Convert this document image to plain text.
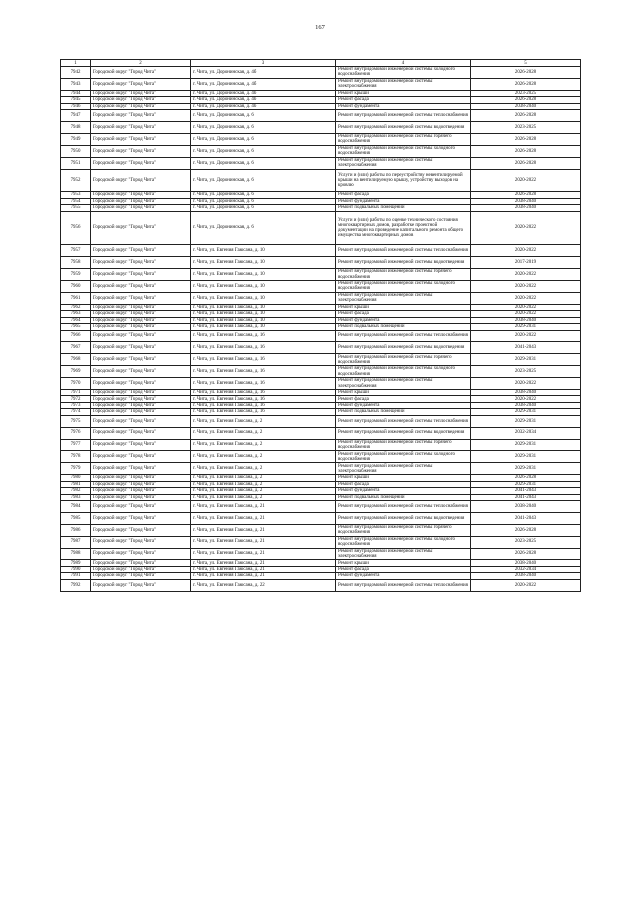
167
1	2	3	4	5
7942	Городской округ "Город Чита"	г. Чита, ул. Доронинская, д. 4б	Ремонт внутридомовой инженерной системы холодного водоснабжения	2026-2028
7943	Городской округ "Город Чита"	г. Чита, ул. Доронинская, д. 4б	Ремонт внутридомовой инженерной системы электроснабжения	2026-2028
7944	Городской округ "Город Чита"	г. Чита, ул. Доронинская, д. 4б	Ремонт крыши	2023-2025
7945	Городской округ "Город Чита"	г. Чита, ул. Доронинская, д. 4б	Ремонт фасада	2026-2028
7946	Городской округ "Город Чита"	г. Чита, ул. Доронинская, д. 4б	Ремонт фундамента	2038-2040
7947	Городской округ "Город Чита"	г. Чита, ул. Доронинская, д. 6	Ремонт внутридомовой инженерной системы теплоснабжения	2026-2028
7948	Городской округ "Город Чита"	г. Чита, ул. Доронинская, д. 6	Ремонт внутридомовой инженерной системы водоотведения	2023-2025
7949	Городской округ "Город Чита"	г. Чита, ул. Доронинская, д. 6	Ремонт внутридомовой инженерной системы горячего водоснабжения	2026-2028
7950	Городской округ "Город Чита"	г. Чита, ул. Доронинская, д. 6	Ремонт внутридомовой инженерной системы холодного водоснабжения	2026-2028
7951	Городской округ "Город Чита"	г. Чита, ул. Доронинская, д. 6	Ремонт внутридомовой инженерной системы электроснабжения	2026-2028
7952	Городской округ "Город Чита"	г. Чита, ул. Доронинская, д. 6	Услуги и (или) работы по переустройству невентилируемой крыши на вентилируемую крышу, устройству выходов на кровлю	2020-2022
7953	Городской округ "Город Чита"	г. Чита, ул. Доронинская, д. 6	Ремонт фасада	2026-2028
7954	Городской округ "Город Чита"	г. Чита, ул. Доронинская, д. 6	Ремонт фундамента	2038-2040
7955	Городской округ "Город Чита"	г. Чита, ул. Доронинская, д. 6	Ремонт подвальных помещений	2038-2040
7956	Городской округ "Город Чита"	г. Чита, ул. Доронинская, д. 6	Услуги и (или) работы по оценке технического состояния многоквартирных домов, разработке проектной документации на проведение капитального ремонта общего имущества многоквартирных домов	2020-2022
7957	Городской округ "Город Чита"	г. Чита, ул. Евгения Гаюсана, д. 10	Ремонт внутридомовой инженерной системы теплоснабжения	2020-2022
7958	Городской округ "Город Чита"	г. Чита, ул. Евгения Гаюсана, д. 10	Ремонт внутридомовой инженерной системы водоотведения	2017-2019
7959	Городской округ "Город Чита"	г. Чита, ул. Евгения Гаюсана, д. 10	Ремонт внутридомовой инженерной системы горячего водоснабжения	2020-2022
7960	Городской округ "Город Чита"	г. Чита, ул. Евгения Гаюсана, д. 10	Ремонт внутридомовой инженерной системы холодного водоснабжения	2020-2022
7961	Городской округ "Город Чита"	г. Чита, ул. Евгения Гаюсана, д. 10	Ремонт внутридомовой инженерной системы электроснабжения	2020-2022
7962	Городской округ "Город Чита"	г. Чита, ул. Евгения Гаюсана, д. 10	Ремонт крыши	2020-2022
7963	Городской округ "Город Чита"	г. Чита, ул. Евгения Гаюсана, д. 10	Ремонт фасада	2020-2022
7964	Городской округ "Город Чита"	г. Чита, ул. Евгения Гаюсана, д. 10	Ремонт фундамента	2038-2040
7965	Городской округ "Город Чита"	г. Чита, ул. Евгения Гаюсана, д. 10	Ремонт подвальных помещений	2029-2031
7966	Городской округ "Город Чита"	г. Чита, ул. Евгения Гаюсана, д. 16	Ремонт внутридомовой инженерной системы теплоснабжения	2020-2022
7967	Городской округ "Город Чита"	г. Чита, ул. Евгения Гаюсана, д. 16	Ремонт внутридомовой инженерной системы водоотведения	2041-2043
7968	Городской округ "Город Чита"	г. Чита, ул. Евгения Гаюсана, д. 16	Ремонт внутридомовой инженерной системы горячего водоснабжения	2029-2031
7969	Городской округ "Город Чита"	г. Чита, ул. Евгения Гаюсана, д. 16	Ремонт внутридомовой инженерной системы холодного водоснабжения	2023-2025
7970	Городской округ "Город Чита"	г. Чита, ул. Евгения Гаюсана, д. 16	Ремонт внутридомовой инженерной системы электроснабжения	2020-2022
7971	Городской округ "Город Чита"	г. Чита, ул. Евгения Гаюсана, д. 16	Ремонт крыши	2038-2040
7972	Городской округ "Город Чита"	г. Чита, ул. Евгения Гаюсана, д. 16	Ремонт фасада	2020-2022
7973	Городской округ "Город Чита"	г. Чита, ул. Евгения Гаюсана, д. 16	Ремонт фундамента	2038-2040
7974	Городской округ "Город Чита"	г. Чита, ул. Евгения Гаюсана, д. 16	Ремонт подвальных помещений	2029-2031
7975	Городской округ "Город Чита"	г. Чита, ул. Евгения Гаюсана, д. 2	Ремонт внутридомовой инженерной системы теплоснабжения	2029-2031
7976	Городской округ "Город Чита"	г. Чита, ул. Евгения Гаюсана, д. 2	Ремонт внутридомовой инженерной системы водоотведения	2032-2034
7977	Городской округ "Город Чита"	г. Чита, ул. Евгения Гаюсана, д. 2	Ремонт внутридомовой инженерной системы горячего водоснабжения	2029-2031
7978	Городской округ "Город Чита"	г. Чита, ул. Евгения Гаюсана, д. 2	Ремонт внутридомовой инженерной системы холодного водоснабжения	2029-2031
7979	Городской округ "Город Чита"	г. Чита, ул. Евгения Гаюсана, д. 2	Ремонт внутридомовой инженерной системы электроснабжения	2029-2031
7980	Городской округ "Город Чита"	г. Чита, ул. Евгения Гаюсана, д. 2	Ремонт крыши	2026-2028
7981	Городской округ "Город Чита"	г. Чита, ул. Евгения Гаюсана, д. 2	Ремонт фасада	2029-2031
7982	Городской округ "Город Чита"	г. Чита, ул. Евгения Гаюсана, д. 2	Ремонт фундамента	2041-2043
7983	Городской округ "Город Чита"	г. Чита, ул. Евгения Гаюсана, д. 2	Ремонт подвальных помещений	2041-2043
7984	Городской округ "Город Чита"	г. Чита, ул. Евгения Гаюсана, д. 21	Ремонт внутридомовой инженерной системы теплоснабжения	2038-2040
7985	Городской округ "Город Чита"	г. Чита, ул. Евгения Гаюсана, д. 21	Ремонт внутридомовой инженерной системы водоотведения	2041-2043
7986	Городской округ "Город Чита"	г. Чита, ул. Евгения Гаюсана, д. 21	Ремонт внутридомовой инженерной системы горячего водоснабжения	2026-2028
7987	Городской округ "Город Чита"	г. Чита, ул. Евгения Гаюсана, д. 21	Ремонт внутридомовой инженерной системы холодного водоснабжения	2023-2025
7988	Городской округ "Город Чита"	г. Чита, ул. Евгения Гаюсана, д. 21	Ремонт внутридомовой инженерной системы электроснабжения	2026-2028
7989	Городской округ "Город Чита"	г. Чита, ул. Евгения Гаюсана, д. 21	Ремонт крыши	2038-2040
7990	Городской округ "Город Чита"	г. Чита, ул. Евгения Гаюсана, д. 21	Ремонт фасада	2032-2034
7991	Городской округ "Город Чита"	г. Чита, ул. Евгения Гаюсана, д. 21	Ремонт фундамента	2038-2040
7992	Городской округ "Город Чита"	г. Чита, ул. Евгения Гаюсана, д. 22	Ремонт внутридомовой инженерной системы теплоснабжения	2020-2022
